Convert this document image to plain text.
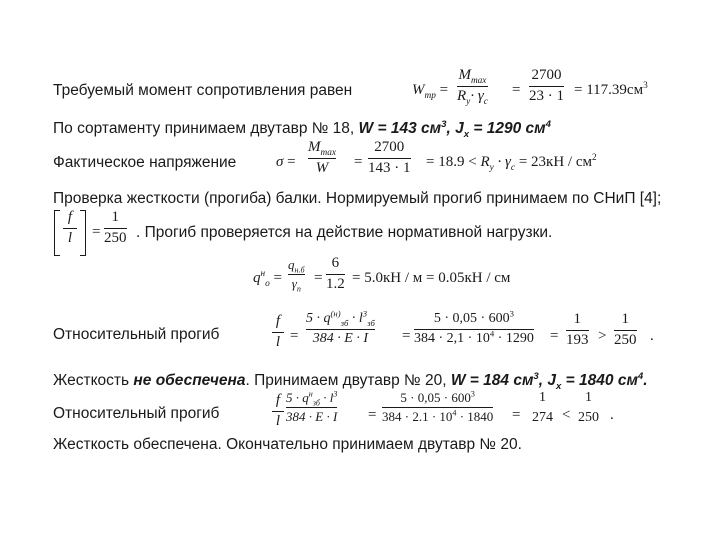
Требуемый момент сопротивления равен	$W_{тр}$ =
$M_{max}$
$R_y\cdot \gamma_c$
=
2700
$23 \cdot 1 = 117.39см^3$
По сортаменту принимаем двутавр № 18, W = 143 $см^3$, $J_x = 1290$ $см^4$
Фактическое напряжение	σ =
$M_{max}$
W =
2700
$143 \cdot 1 = 18.9 < R_y \cdot \gamma_c = 23кН / см^2$
Проверка жесткости (прогиба) балки. Нормируемый прогиб принимаем по СНиП [4];
f
l =
1
250 . Прогиб проверяется на действие нормативной нагрузки.
$q^н_о$ =
$q_{н.б}$
$\gamma_n$
=
6
1.2 = 5.0кН / м = 0.05кН / см
Относительный прогиб
f
l =
$5 \cdot q^{(н)}_{зб} \cdot l^3_{зб}$
384 · E · I =
$5 \cdot 0,05 \cdot 600^3$
$384 \cdot 2,1 \cdot 10^4 \cdot 1290$ =
1
193 >
1
250 .
Жесткость не обеспечена. Принимаем двутавр № 20, W = 184 $см^3$, $J_x = 1840$ $см^4$.
Относительный прогиб
f
l
$5 \cdot q^н_{зб} \cdot l^3$
384 · E · I =
$5 \cdot 0,05 \cdot 600^3$
$384 \cdot 2.1 \cdot 10^4 \cdot 1840$ =
1
274 <
1
250 .
Жесткость обеспечена. Окончательно принимаем двутавр № 20.
